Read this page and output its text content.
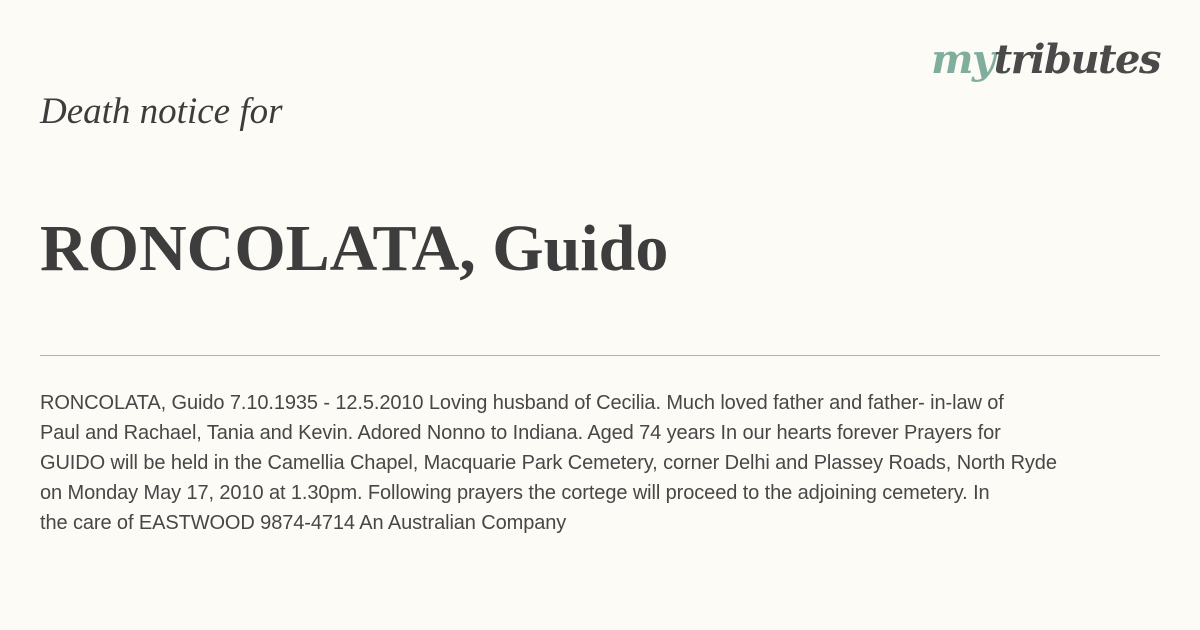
mytributes
Death notice for
RONCOLATA, Guido

RONCOLATA, Guido 7.10.1935 - 12.5.2010 Loving husband of Cecilia. Much loved father and father- in-law of
Paul and Rachael, Tania and Kevin. Adored Nonno to Indiana. Aged 74 years In our hearts forever Prayers for
GUIDO will be held in the Camellia Chapel, Macquarie Park Cemetery, corner Delhi and Plassey Roads, North Ryde
on Monday May 17, 2010 at 1.30pm. Following prayers the cortege will proceed to the adjoining cemetery. In
the care of EASTWOOD 9874-4714 An Australian Company
